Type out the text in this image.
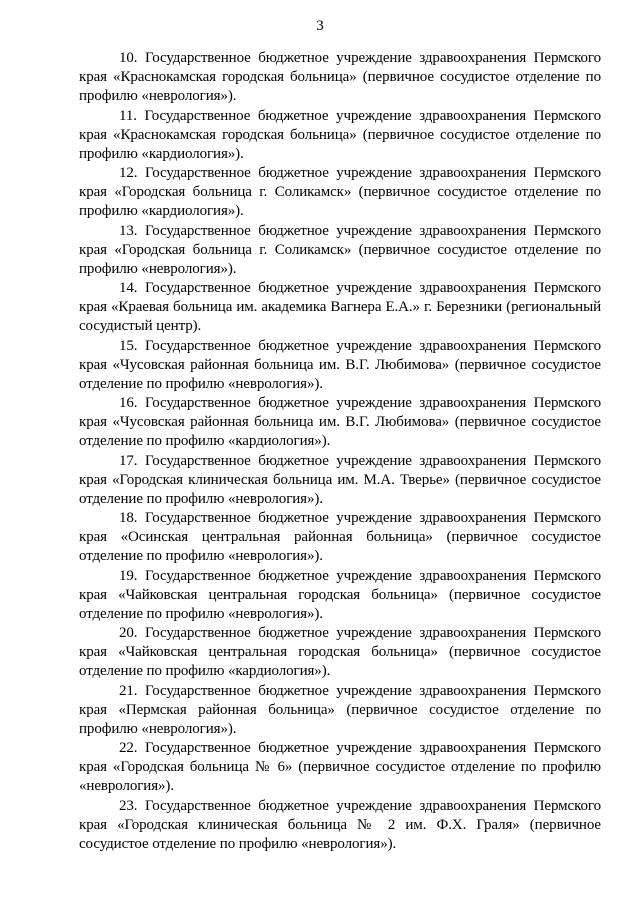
3

10. Государственное бюджетное учреждение здравоохранения Пермского края «Краснокамская городская больница» (первичное сосудистое отделение по профилю «неврология»).

11. Государственное бюджетное учреждение здравоохранения Пермского края «Краснокамская городская больница» (первичное сосудистое отделение по профилю «кардиология»).

12. Государственное бюджетное учреждение здравоохранения Пермского края «Городская больница г. Соликамск» (первичное сосудистое отделение по профилю «кардиология»).

13. Государственное бюджетное учреждение здравоохранения Пермского края «Городская больница г. Соликамск» (первичное сосудистое отделение по профилю «неврология»).

14. Государственное бюджетное учреждение здравоохранения Пермского края «Краевая больница им. академика Вагнера Е.А.» г. Березники (региональный сосудистый центр).

15. Государственное бюджетное учреждение здравоохранения Пермского края «Чусовская районная больница им. В.Г. Любимова» (первичное сосудистое отделение по профилю «неврология»).

16. Государственное бюджетное учреждение здравоохранения Пермского края «Чусовская районная больница им. В.Г. Любимова» (первичное сосудистое отделение по профилю «кардиология»).

17. Государственное бюджетное учреждение здравоохранения Пермского края «Городская клиническая больница им. М.А. Тверье» (первичное сосудистое отделение по профилю «неврология»).

18. Государственное бюджетное учреждение здравоохранения Пермского края «Осинская центральная районная больница» (первичное сосудистое отделение по профилю «неврология»).

19. Государственное бюджетное учреждение здравоохранения Пермского края «Чайковская центральная городская больница» (первичное сосудистое отделение по профилю «неврология»).

20. Государственное бюджетное учреждение здравоохранения Пермского края «Чайковская центральная городская больница» (первичное сосудистое отделение по профилю «кардиология»).

21. Государственное бюджетное учреждение здравоохранения Пермского края «Пермская районная больница» (первичное сосудистое отделение по профилю «неврология»).

22. Государственное бюджетное учреждение здравоохранения Пермского края «Городская больница № 6» (первичное сосудистое отделение по профилю «неврология»).

23. Государственное бюджетное учреждение здравоохранения Пермского края «Городская клиническая больница № 2 им. Ф.Х. Граля» (первичное сосудистое отделение по профилю «неврология»).
